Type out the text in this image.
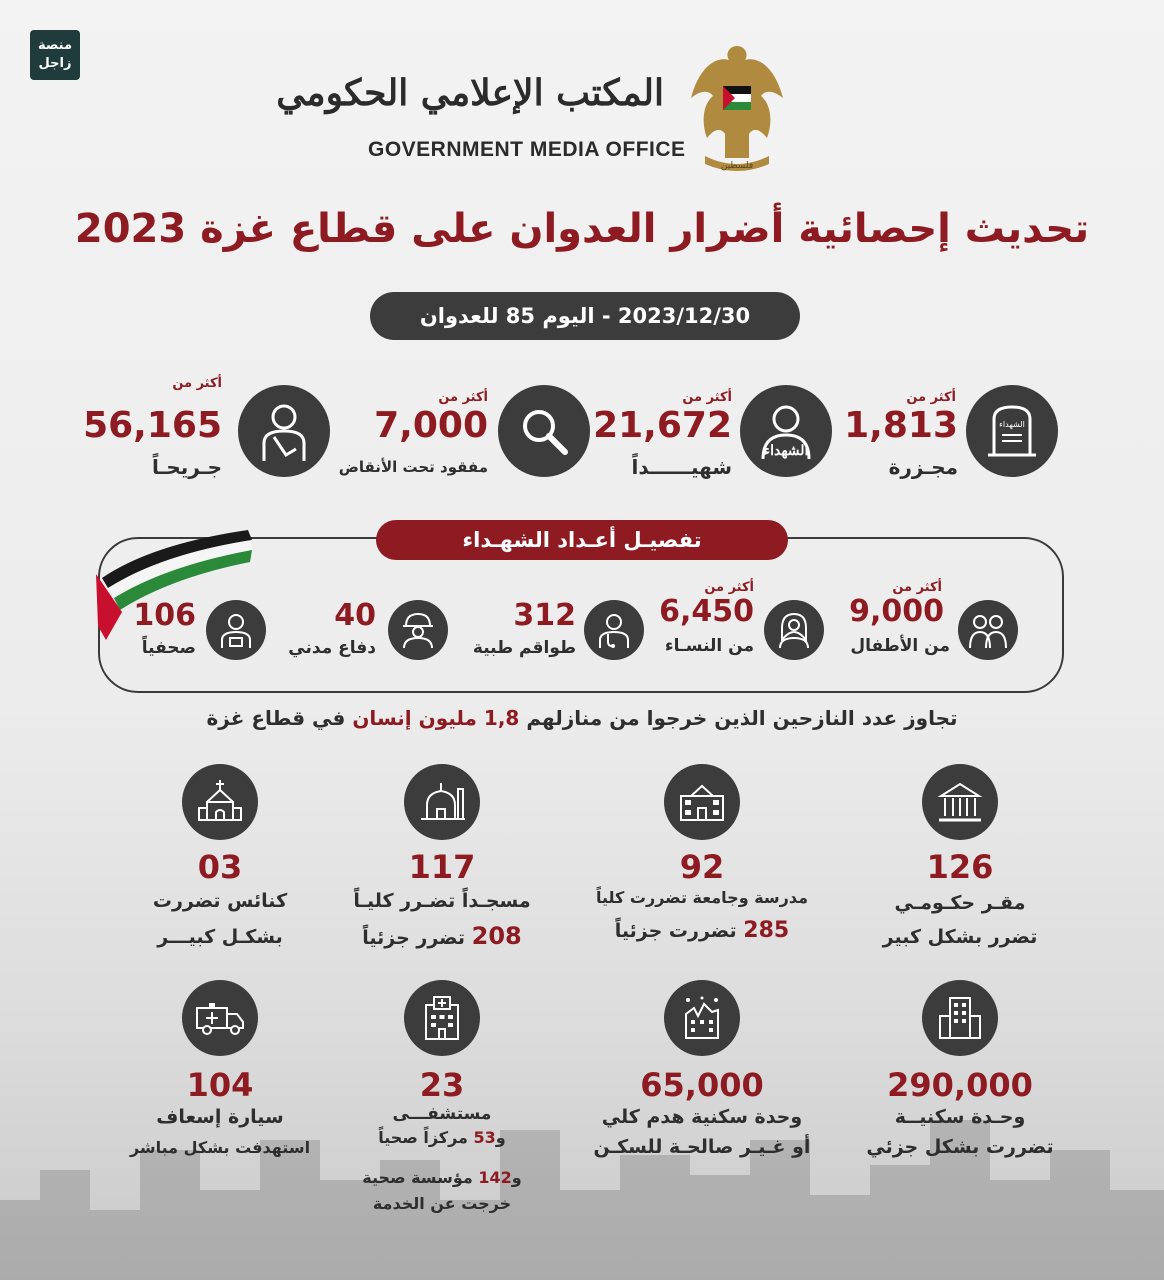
منصة
زاجل
فلسطين
المكتب الإعلامي الحكومي
GOVERNMENT MEDIA OFFICE
تحديث إحصائية أضرار العدوان على قطاع غزة 2023
2023/12/30 - اليوم 85 للعدوان
الشهداء
أكثر من
1,813
مجـزرة
الشهداء
أكثر من
21,672
شهيــــــداً
أكثر من
7,000
مفقود تحت الأنقاض
أكثر من
56,165
جـريحـاً
تفصيـل أعـداد الشهـداء
أكثر من
9,000
من الأطفال
أكثر من
6,450
من النسـاء
312
طواقم طبية
40
دفاع مدني
106
صحفياً
تجاوز عدد النازحين الذين خرجوا من منازلهم 1,8 مليون إنسان في قطاع غزة
126
مقـر حكـومـي
تضرر بشكل كبير
92
مدرسة وجامعة تضررت كلياً
285 تضررت جزئياً
117
مسجـداً تضـرر كليـاً
208 تضرر جزئياً
03
كنائس تضررت
بشكـل كبيـــر
290,000
وحـدة سكنيــة
تضررت بشكل جزئي
65,000
وحدة سكنية هدم كلي
أو غـيـر صالحـة للسكـن
23
مستشفـــى
و53 مركزاً صحياً
و142 مؤسسة صحية
خرجت عن الخدمة
104
سيارة إسعاف
استهدفت بشكل مباشر
